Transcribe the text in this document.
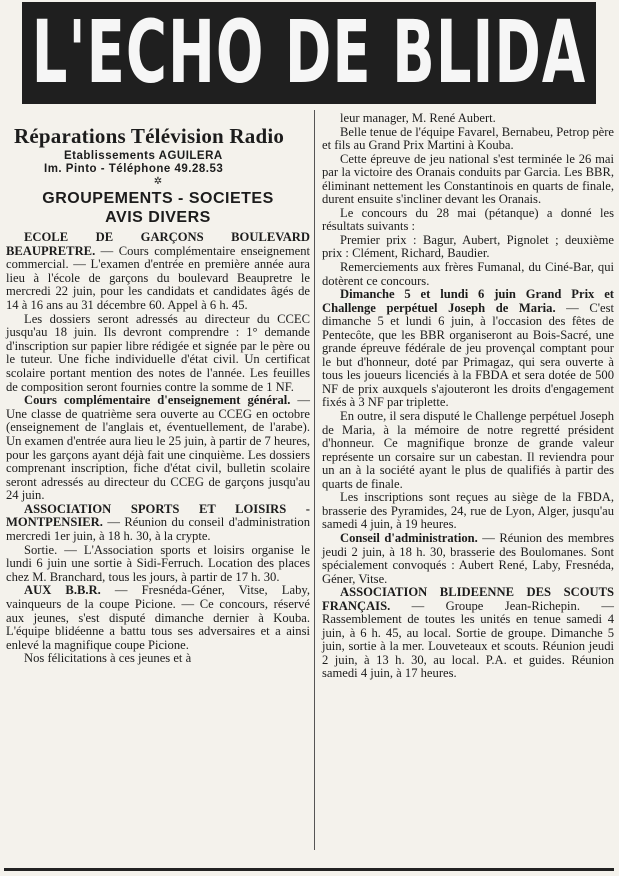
L'ECHO DE BLIDA
Réparations Télévision Radio
Etablissements AGUILERA
Im. Pinto - Téléphone 49.28.53
✲
GROUPEMENTS - SOCIETES
AVIS DIVERS

ECOLE DE GARÇONS BOULEVARD BEAUPRETRE. — Cours complémentaire enseignement commercial. — L'examen d'entrée en première année aura lieu à l'école de garçons du boulevard Beaupretre le mercredi 22 juin, pour les candidats et candidates âgés de 14 à 16 ans au 31 décembre 60. Appel à 6 h. 45.

Les dossiers seront adressés au directeur du CCEC jusqu'au 18 juin. Ils devront comprendre : 1° demande d'inscription sur papier libre rédigée et signée par le père ou le tuteur. Une fiche individuelle d'état civil. Un certificat scolaire portant mention des notes de l'année. Les feuilles de composition seront fournies contre la somme de 1 NF.

Cours complémentaire d'enseignement général. — Une classe de quatrième sera ouverte au CCEG en octobre (enseignement de l'anglais et, éventuellement, de l'arabe). Un examen d'entrée aura lieu le 25 juin, à partir de 7 heures, pour les garçons ayant déjà fait une cinquième. Les dossiers comprenant inscription, fiche d'état civil, bulletin scolaire seront adressés au directeur du CCEG de garçons jusqu'au 24 juin.

ASSOCIATION SPORTS ET LOISIRS - MONTPENSIER. — Réunion du conseil d'administration mercredi 1er juin, à 18 h. 30, à la crypte.

Sortie. — L'Association sports et loisirs organise le lundi 6 juin une sortie à Sidi-Ferruch. Location des places chez M. Branchard, tous les jours, à partir de 17 h. 30.

AUX B.B.R. — Fresnéda-Géner, Vitse, Laby, vainqueurs de la coupe Picione. — Ce concours, réservé aux jeunes, s'est disputé dimanche dernier à Kouba. L'équipe blidéenne a battu tous ses adversaires et a ainsi enlevé la magnifique coupe Picione.

Nos félicitations à ces jeunes et à

leur manager, M. René Aubert.

Belle tenue de l'équipe Favarel, Bernabeu, Petrop père et fils au Grand Prix Martini à Kouba.

Cette épreuve de jeu national s'est terminée le 26 mai par la victoire des Oranais conduits par Garcia. Les BBR, éliminant nettement les Constantinois en quarts de finale, durent ensuite s'incliner devant les Oranais.

Le concours du 28 mai (pétanque) a donné les résultats suivants :

Premier prix : Bagur, Aubert, Pignolet ; deuxième prix : Clément, Richard, Baudier.

Remerciements aux frères Fumanal, du Ciné-Bar, qui dotèrent ce concours.

Dimanche 5 et lundi 6 juin Grand Prix et Challenge perpétuel Joseph de Maria. — C'est dimanche 5 et lundi 6 juin, à l'occasion des fêtes de Pentecôte, que les BBR organiseront au Bois-Sacré, une grande épreuve fédérale de jeu provençal comptant pour le but d'honneur, doté par Primagaz, qui sera ouverte à tous les joueurs licenciés à la FBDA et sera dotée de 500 NF de prix auxquels s'ajouteront les droits d'engagement fixés à 3 NF par triplette.

En outre, il sera disputé le Challenge perpétuel Joseph de Maria, à la mémoire de notre regretté président d'honneur. Ce magnifique bronze de grande valeur représente un corsaire sur un cabestan. Il reviendra pour un an à la société ayant le plus de qualifiés à partir des quarts de finale.

Les inscriptions sont reçues au siège de la FBDA, brasserie des Pyramides, 24, rue de Lyon, Alger, jusqu'au samedi 4 juin, à 19 heures.

Conseil d'administration. — Réunion des membres jeudi 2 juin, à 18 h. 30, brasserie des Boulomanes. Sont spécialement convoqués : Aubert René, Laby, Fresnéda, Géner, Vitse.

ASSOCIATION BLIDEENNE DES SCOUTS FRANÇAIS. — Groupe Jean-Richepin. — Rassemblement de toutes les unités en tenue samedi 4 juin, à 6 h. 45, au local. Sortie de groupe. Dimanche 5 juin, sortie à la mer. Louveteaux et scouts. Réunion jeudi 2 juin, à 13 h. 30, au local. P.A. et guides. Réunion samedi 4 juin, à 17 heures.
